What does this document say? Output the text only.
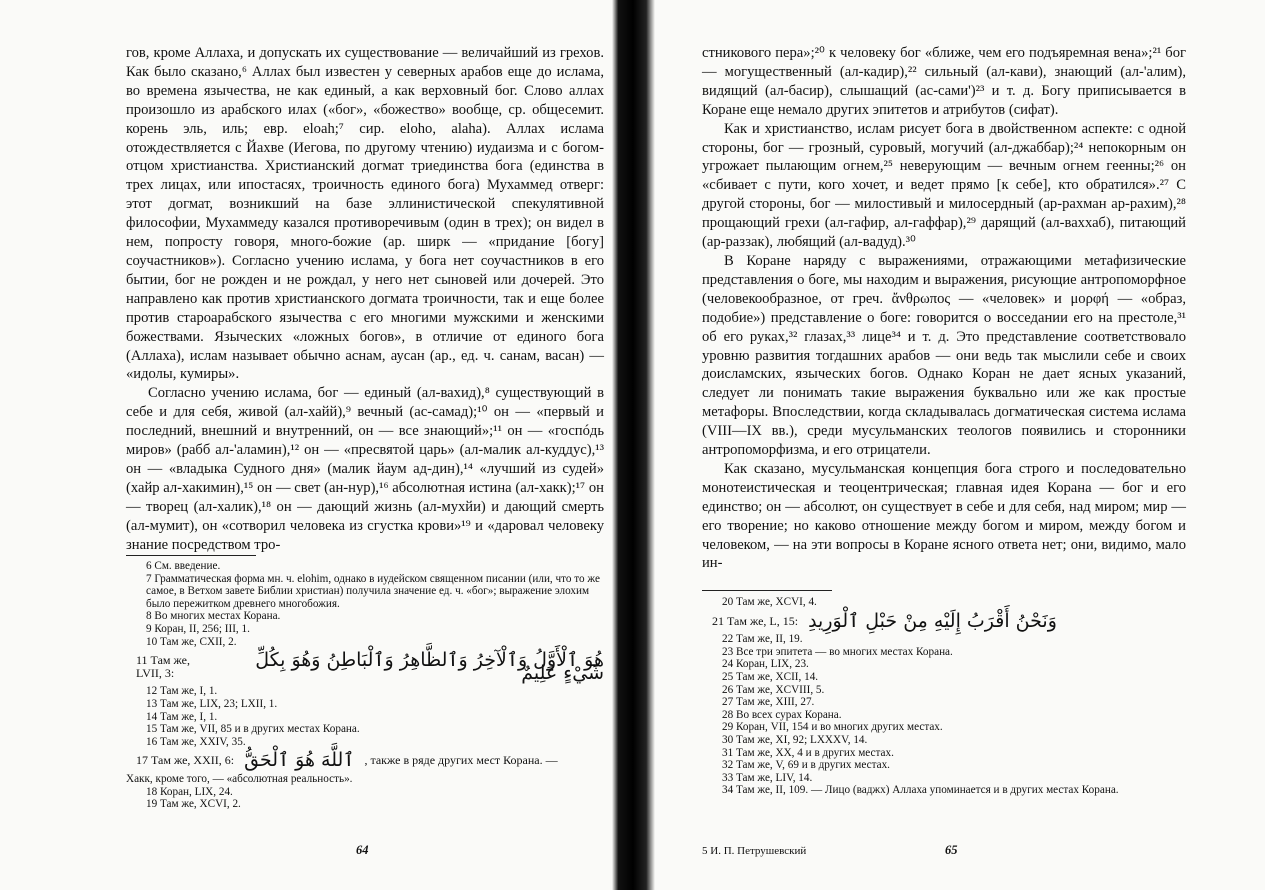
гов, кроме Аллаха, и допускать их существование — величайший из грехов. Как было сказано,⁶ Аллах был известен у северных арабов еще до ислама, во времена язычества, не как единый, а как верховный бог. Слово аллах произошло из арабского илах («бог», «божество» вообще, ср. общесемит. корень эль, иль; евр. eloah;⁷ сир. eloho, alaha). Аллах ислама отождествляется с Йахве (Иегова, по другому чтению) иудаизма и с богом-отцом христианства. Христианский догмат триединства бога (единства в трех лицах, или ипостасях, троичность единого бога) Мухаммед отверг: этот догмат, возникший на базе эллинистической спекулятивной философии, Мухаммеду казался противоречивым (один в трех); он видел в нем, попросту говоря, много-божие (ар. ширк — «придание [богу] соучастников»). Согласно учению ислама, у бога нет соучастников в его бытии, бог не рожден и не рождал, у него нет сыновей или дочерей. Это направлено как против христианского догмата троичности, так и еще более против староарабского язычества с его многими мужскими и женскими божествами. Языческих «ложных богов», в отличие от единого бога (Аллаха), ислам называет обычно аснам, аусан (ар., ед. ч. санам, васан) — «идолы, кумиры».

Согласно учению ислама, бог — единый (ал-вахид),⁸ существующий в себе и для себя, живой (ал-хайй),⁹ вечный (ас-самад);¹⁰ он — «первый и последний, внешний и внутренний, он — все знающий»;¹¹ он — «госпóдь миров» (рабб ал-'аламин),¹² он — «пресвятой царь» (ал-малик ал-куддус),¹³ он — «владыка Судного дня» (малик йаум ад-дин),¹⁴ «лучший из судей» (хайр ал-хакимин),¹⁵ он — свет (ан-нур),¹⁶ абсолютная истина (ал-хакк);¹⁷ он — творец (ал-халик),¹⁸ он — дающий жизнь (ал-мухйи) и дающий смерть (ал-мумит), он «сотворил человека из сгустка крови»¹⁹ и «даровал человеку знание посредством тро-

6 См. введение.

7 Грамматическая форма мн. ч. elohim, однако в иудейском священном писании (или, что то же самое, в Ветхом завете Библии христиан) получила значение ед. ч. «бог»; выражение элохим было пережитком древнего многобожия.

8 Во многих местах Корана.

9 Коран, II, 256; III, 1.

10 Там же, CXII, 2.

11 Там же, LVII, 3:
هُوَ ٱلْأَوَّلُ وَٱلْآخِرُ وَٱلظَّاهِرُ وَٱلْبَاطِنُ وَهُوَ بِكُلِّ شَيْءٍ عَلِيمٌ

12 Там же, I, 1.

13 Там же, LIX, 23; LXII, 1.

14 Там же, I, 1.

15 Там же, VII, 85 и в других местах Корана.

16 Там же, XXIV, 35.

17 Там же, XXII, 6: ٱللَّهَ هُوَ ٱلْحَقُّ , также в ряде других мест Корана. —

Хакк, кроме того, — «абсолютная реальность».

18 Коран, LIX, 24.

19 Там же, XCVI, 2.

64

стникового пера»;²⁰ к человеку бог «ближе, чем его подъяремная вена»;²¹ бог — могущественный (ал-кадир),²² сильный (ал-кави), знающий (ал-'алим), видящий (ал-басир), слышащий (ас-сами')²³ и т. д. Богу приписывается в Коране еще немало других эпитетов и атрибутов (сифат).

Как и христианство, ислам рисует бога в двойственном аспекте: с одной стороны, бог — грозный, суровый, могучий (ал-джаббар);²⁴ непокорным он угрожает пылающим огнем,²⁵ неверующим — вечным огнем геенны;²⁶ он «сбивает с пути, кого хочет, и ведет прямо [к себе], кто обратился».²⁷ С другой стороны, бог — милостивый и милосердный (ар-рахман ар-рахим),²⁸ прощающий грехи (ал-гафир, ал-гаффар),²⁹ дарящий (ал-ваххаб), питающий (ар-раззак), любящий (ал-вадуд).³⁰

В Коране наряду с выражениями, отражающими метафизические представления о боге, мы находим и выражения, рисующие антропоморфное (человекообразное, от греч. ἄνθρωπος — «человек» и μορφή — «образ, подобие») представление о боге: говорится о восседании его на престоле,³¹ об его руках,³² глазах,³³ лице³⁴ и т. д. Это представление соответствовало уровню развития тогдашних арабов — они ведь так мыслили себе и своих доисламских, языческих богов. Однако Коран не дает ясных указаний, следует ли понимать такие выражения буквально или же как простые метафоры. Впоследствии, когда складывалась догматическая система ислама (VIII—IX вв.), среди мусульманских теологов появились и сторонники антропоморфизма, и его отрицатели.

Как сказано, мусульманская концепция бога строго и последовательно монотеистическая и теоцентрическая; главная идея Корана — бог и его единство; он — абсолют, он существует в себе и для себя, над миром; мир — его творение; но каково отношение между богом и миром, между богом и человеком, — на эти вопросы в Коране ясного ответа нет; они, видимо, мало ин-

20 Там же, XCVI, 4.

21 Там же, L, 15: وَنَحْنُ أَقْرَبُ إِلَيْهِ مِنْ حَبْلِ ٱلْوَرِيدِ

22 Там же, II, 19.

23 Все три эпитета — во многих местах Корана.

24 Коран, LIX, 23.

25 Там же, XCII, 14.

26 Там же, XCVIII, 5.

27 Там же, XIII, 27.

28 Во всех сурах Корана.

29 Коран, VII, 154 и во многих других местах.

30 Там же, XI, 92; LXXXV, 14.

31 Там же, XX, 4 и в других местах.

32 Там же, V, 69 и в других местах.

33 Там же, LIV, 14.

34 Там же, II, 109. — Лицо (ваджх) Аллаха упоминается и в других местах Корана.

5 И. П. Петрушевский	65
